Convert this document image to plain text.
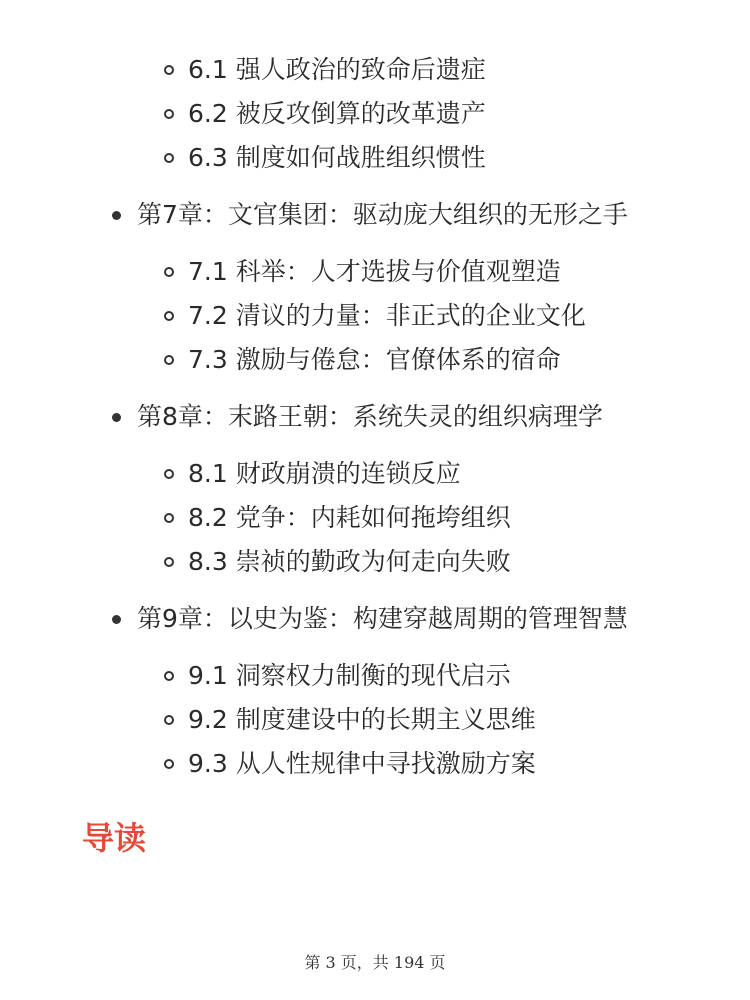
6.1 强人政治的致命后遗症
6.2 被反攻倒算的改革遗产
6.3 制度如何战胜组织惯性
第7章：文官集团：驱动庞大组织的无形之手
7.1 科举：人才选拔与价值观塑造
7.2 清议的力量：非正式的企业文化
7.3 激励与倦怠：官僚体系的宿命
第8章：末路王朝：系统失灵的组织病理学
8.1 财政崩溃的连锁反应
8.2 党争：内耗如何拖垮组织
8.3 崇祯的勤政为何走向失败
第9章：以史为鉴：构建穿越周期的管理智慧
9.1 洞察权力制衡的现代启示
9.2 制度建设中的长期主义思维
9.3 从人性规律中寻找激励方案
导读
第 3 页，共 194 页
